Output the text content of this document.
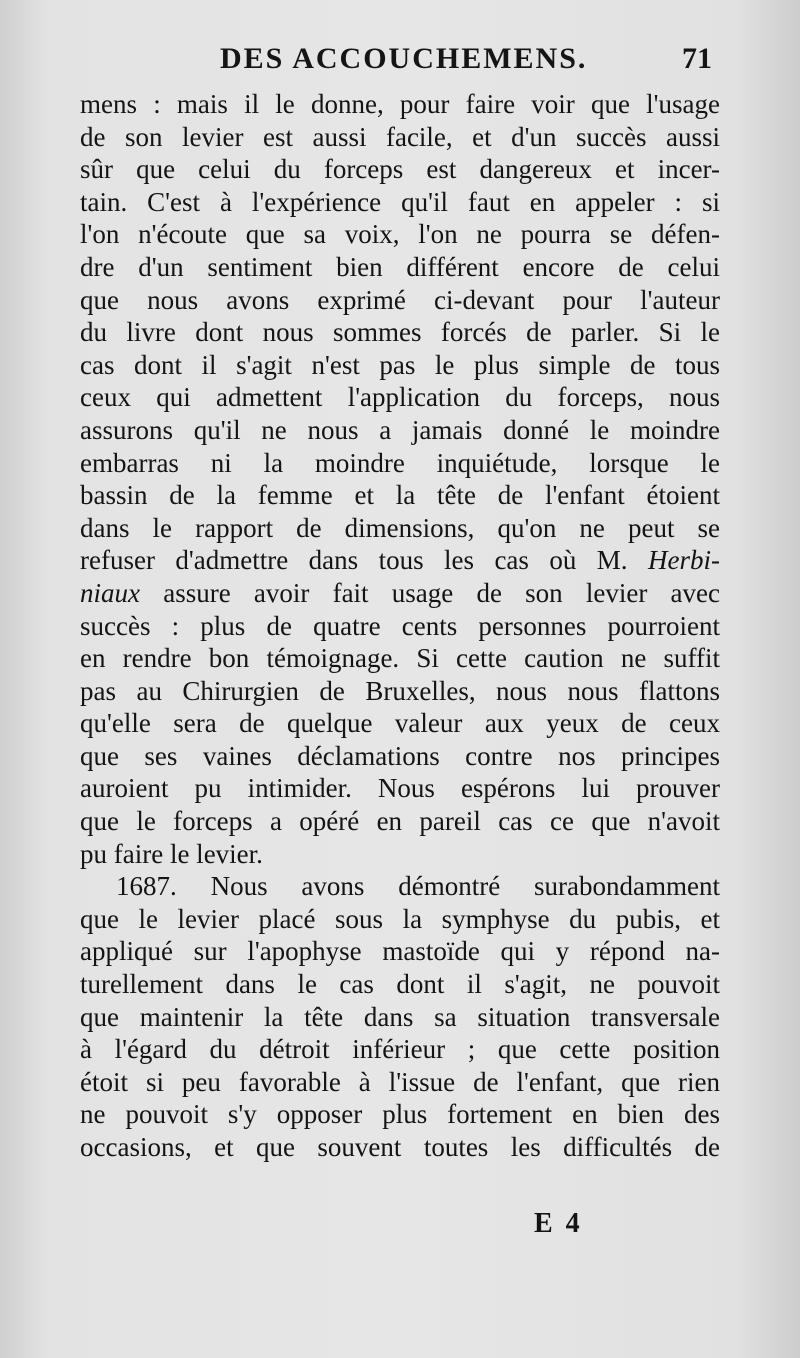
DES ACCOUCHEMENS.	71
mens : mais il le donne, pour faire voir que l'usage
de son levier est aussi facile, et d'un succès aussi
sûr que celui du forceps est dangereux et incer-
tain. C'est à l'expérience qu'il faut en appeler : si
l'on n'écoute que sa voix, l'on ne pourra se défen-
dre d'un sentiment bien différent encore de celui
que nous avons exprimé ci-devant pour l'auteur
du livre dont nous sommes forcés de parler. Si le
cas dont il s'agit n'est pas le plus simple de tous
ceux qui admettent l'application du forceps, nous
assurons qu'il ne nous a jamais donné le moindre
embarras ni la moindre inquiétude, lorsque le
bassin de la femme et la tête de l'enfant étoient
dans le rapport de dimensions, qu'on ne peut se
refuser d'admettre dans tous les cas où M. Herbi-
niaux assure avoir fait usage de son levier avec
succès : plus de quatre cents personnes pourroient
en rendre bon témoignage. Si cette caution ne suffit
pas au Chirurgien de Bruxelles, nous nous flattons
qu'elle sera de quelque valeur aux yeux de ceux
que ses vaines déclamations contre nos principes
auroient pu intimider. Nous espérons lui prouver
que le forceps a opéré en pareil cas ce que n'avoit
pu faire le levier.
1687. Nous avons démontré surabondamment
que le levier placé sous la symphyse du pubis, et
appliqué sur l'apophyse mastoïde qui y répond na-
turellement dans le cas dont il s'agit, ne pouvoit
que maintenir la tête dans sa situation transversale
à l'égard du détroit inférieur ; que cette position
étoit si peu favorable à l'issue de l'enfant, que rien
ne pouvoit s'y opposer plus fortement en bien des
occasions, et que souvent toutes les difficultés de
E 4
